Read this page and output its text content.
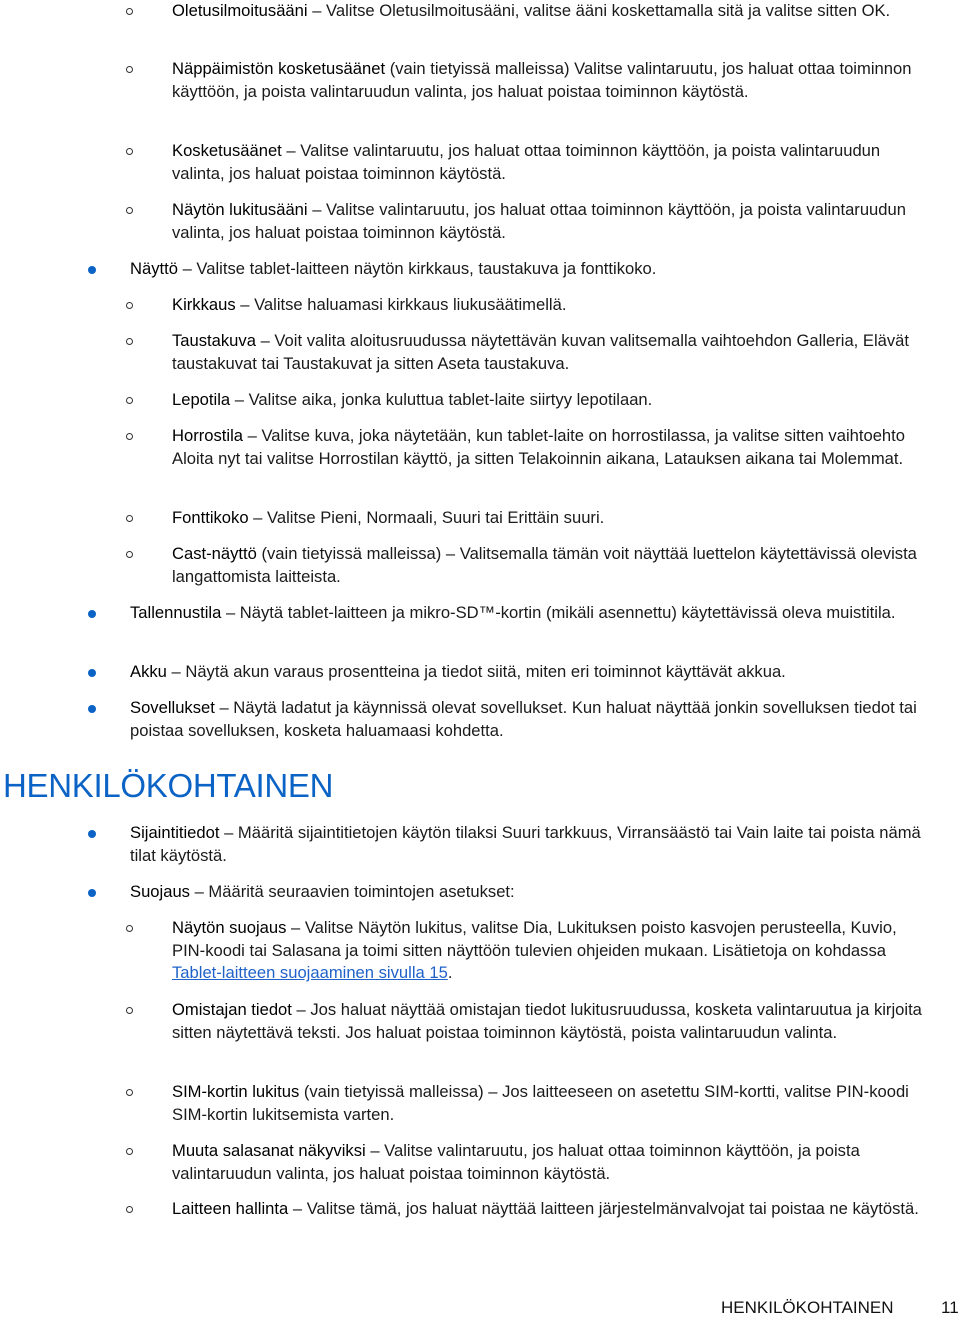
Oletusilmoitusääni – Valitse Oletusilmoitusääni, valitse ääni koskettamalla sitä ja valitse sitten OK.
Näppäimistön kosketusäänet (vain tietyissä malleissa) Valitse valintaruutu, jos haluat ottaa toiminnon käyttöön, ja poista valintaruudun valinta, jos haluat poistaa toiminnon käytöstä.
Kosketusäänet – Valitse valintaruutu, jos haluat ottaa toiminnon käyttöön, ja poista valintaruudun valinta, jos haluat poistaa toiminnon käytöstä.
Näytön lukitusääni – Valitse valintaruutu, jos haluat ottaa toiminnon käyttöön, ja poista valintaruudun valinta, jos haluat poistaa toiminnon käytöstä.
Näyttö – Valitse tablet-laitteen näytön kirkkaus, taustakuva ja fonttikoko.
Kirkkaus – Valitse haluamasi kirkkaus liukusäätimellä.
Taustakuva – Voit valita aloitusruudussa näytettävän kuvan valitsemalla vaihtoehdon Galleria, Elävät taustakuvat tai Taustakuvat ja sitten Aseta taustakuva.
Lepotila – Valitse aika, jonka kuluttua tablet-laite siirtyy lepotilaan.
Horrostila – Valitse kuva, joka näytetään, kun tablet-laite on horrostilassa, ja valitse sitten vaihtoehto Aloita nyt tai valitse Horrostilan käyttö, ja sitten Telakoinnin aikana, Latauksen aikana tai Molemmat.
Fonttikoko – Valitse Pieni, Normaali, Suuri tai Erittäin suuri.
Cast-näyttö (vain tietyissä malleissa) – Valitsemalla tämän voit näyttää luettelon käytettävissä olevista langattomista laitteista.
Tallennustila – Näytä tablet-laitteen ja mikro-SD™-kortin (mikäli asennettu) käytettävissä oleva muistitila.
Akku – Näytä akun varaus prosentteina ja tiedot siitä, miten eri toiminnot käyttävät akkua.
Sovellukset – Näytä ladatut ja käynnissä olevat sovellukset. Kun haluat näyttää jonkin sovelluksen tiedot tai poistaa sovelluksen, kosketa haluamaasi kohdetta.
HENKILÖKOHTAINEN
Sijaintitiedot – Määritä sijaintitietojen käytön tilaksi Suuri tarkkuus, Virransäästö tai Vain laite tai poista nämä tilat käytöstä.
Suojaus – Määritä seuraavien toimintojen asetukset:
Näytön suojaus – Valitse Näytön lukitus, valitse Dia, Lukituksen poisto kasvojen perusteella, Kuvio, PIN-koodi tai Salasana ja toimi sitten näyttöön tulevien ohjeiden mukaan. Lisätietoja on kohdassa Tablet-laitteen suojaaminen sivulla 15.
Omistajan tiedot – Jos haluat näyttää omistajan tiedot lukitusruudussa, kosketa valintaruutua ja kirjoita sitten näytettävä teksti. Jos haluat poistaa toiminnon käytöstä, poista valintaruudun valinta.
SIM-kortin lukitus (vain tietyissä malleissa) – Jos laitteeseen on asetettu SIM-kortti, valitse PIN-koodi SIM-kortin lukitsemista varten.
Muuta salasanat näkyviksi – Valitse valintaruutu, jos haluat ottaa toiminnon käyttöön, ja poista valintaruudun valinta, jos haluat poistaa toiminnon käytöstä.
Laitteen hallinta – Valitse tämä, jos haluat näyttää laitteen järjestelmänvalvojat tai poistaa ne käytöstä.
HENKILÖKOHTAINEN	11
